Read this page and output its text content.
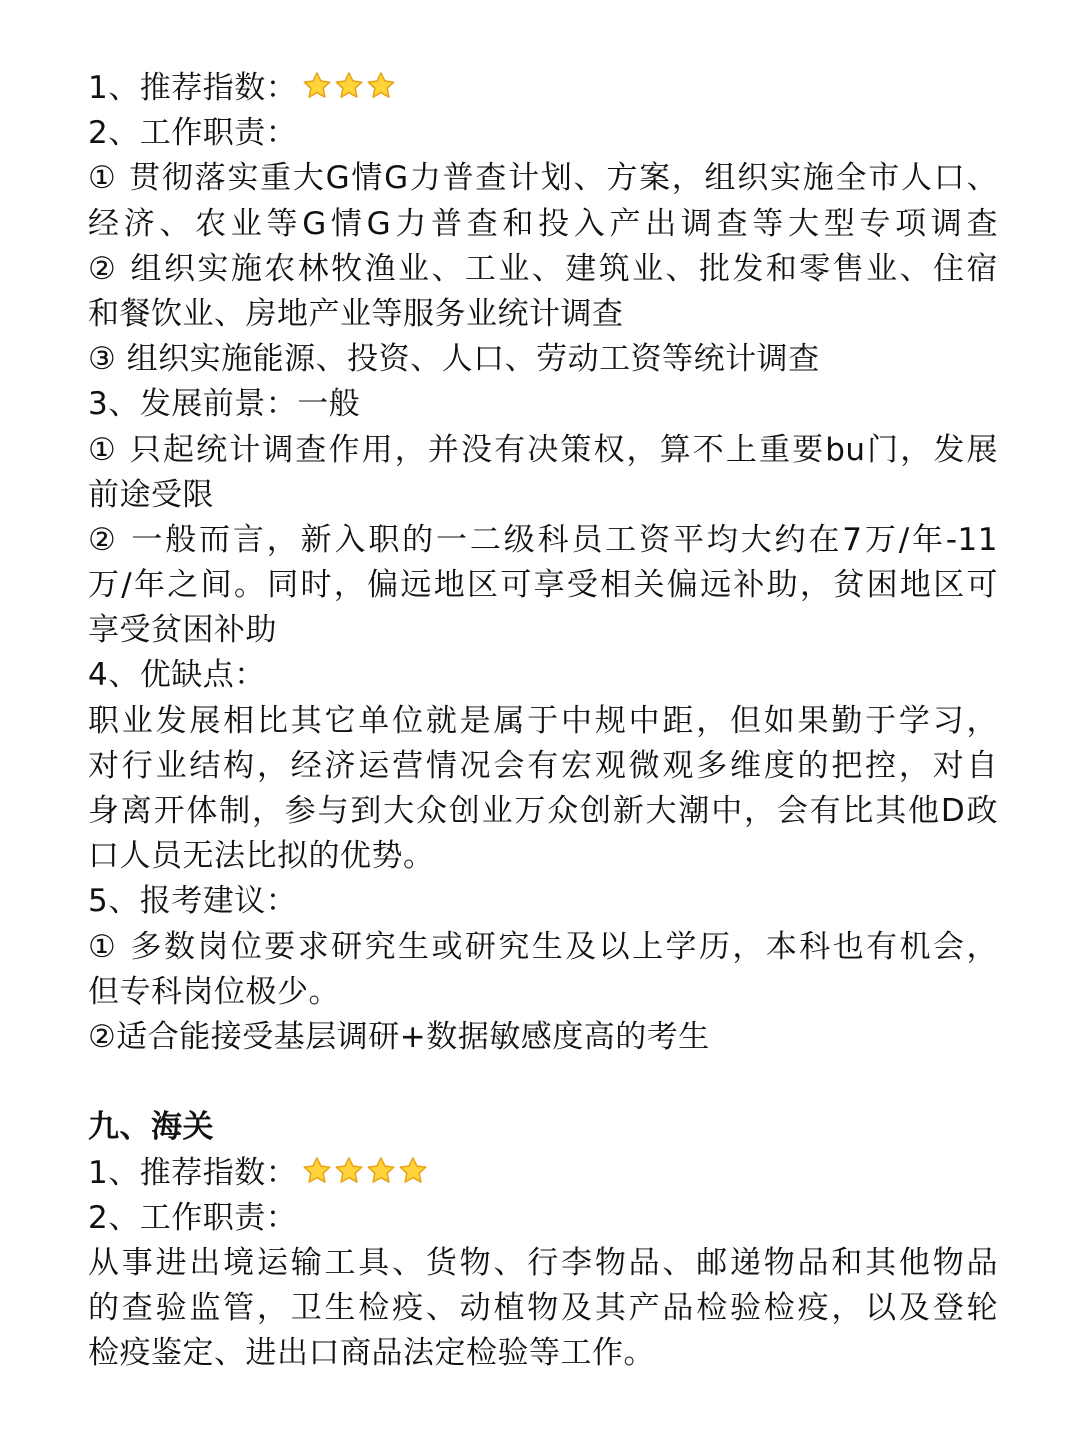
1、推荐指数：
2、工作职责：
① 贯彻落实重大G情G力普查计划、方案，组织实施全市人口、
经济、农业等G情G力普查和投入产出调查等大型专项调查
② 组织实施农林牧渔业、工业、建筑业、批发和零售业、住宿
和餐饮业、房地产业等服务业统计调查
③ 组织实施能源、投资、人口、劳动工资等统计调查
3、发展前景：一般
① 只起统计调查作用，并没有决策权，算不上重要bu门，发展
前途受限
② 一般而言，新入职的一二级科员工资平均大约在7万/年-11
万/年之间。同时，偏远地区可享受相关偏远补助，贫困地区可
享受贫困补助
4、优缺点：
职业发展相比其它单位就是属于中规中距，但如果勤于学习，
对行业结构，经济运营情况会有宏观微观多维度的把控，对自
身离开体制，参与到大众创业万众创新大潮中，会有比其他D政
口人员无法比拟的优势。
5、报考建议：
① 多数岗位要求研究生或研究生及以上学历，本科也有机会，
但专科岗位极少。
②适合能接受基层调研+数据敏感度高的考生
九、海关
1、推荐指数：
2、工作职责：
从事进出境运输工具、货物、行李物品、邮递物品和其他物品
的查验监管，卫生检疫、动植物及其产品检验检疫，以及登轮
检疫鉴定、进出口商品法定检验等工作。
